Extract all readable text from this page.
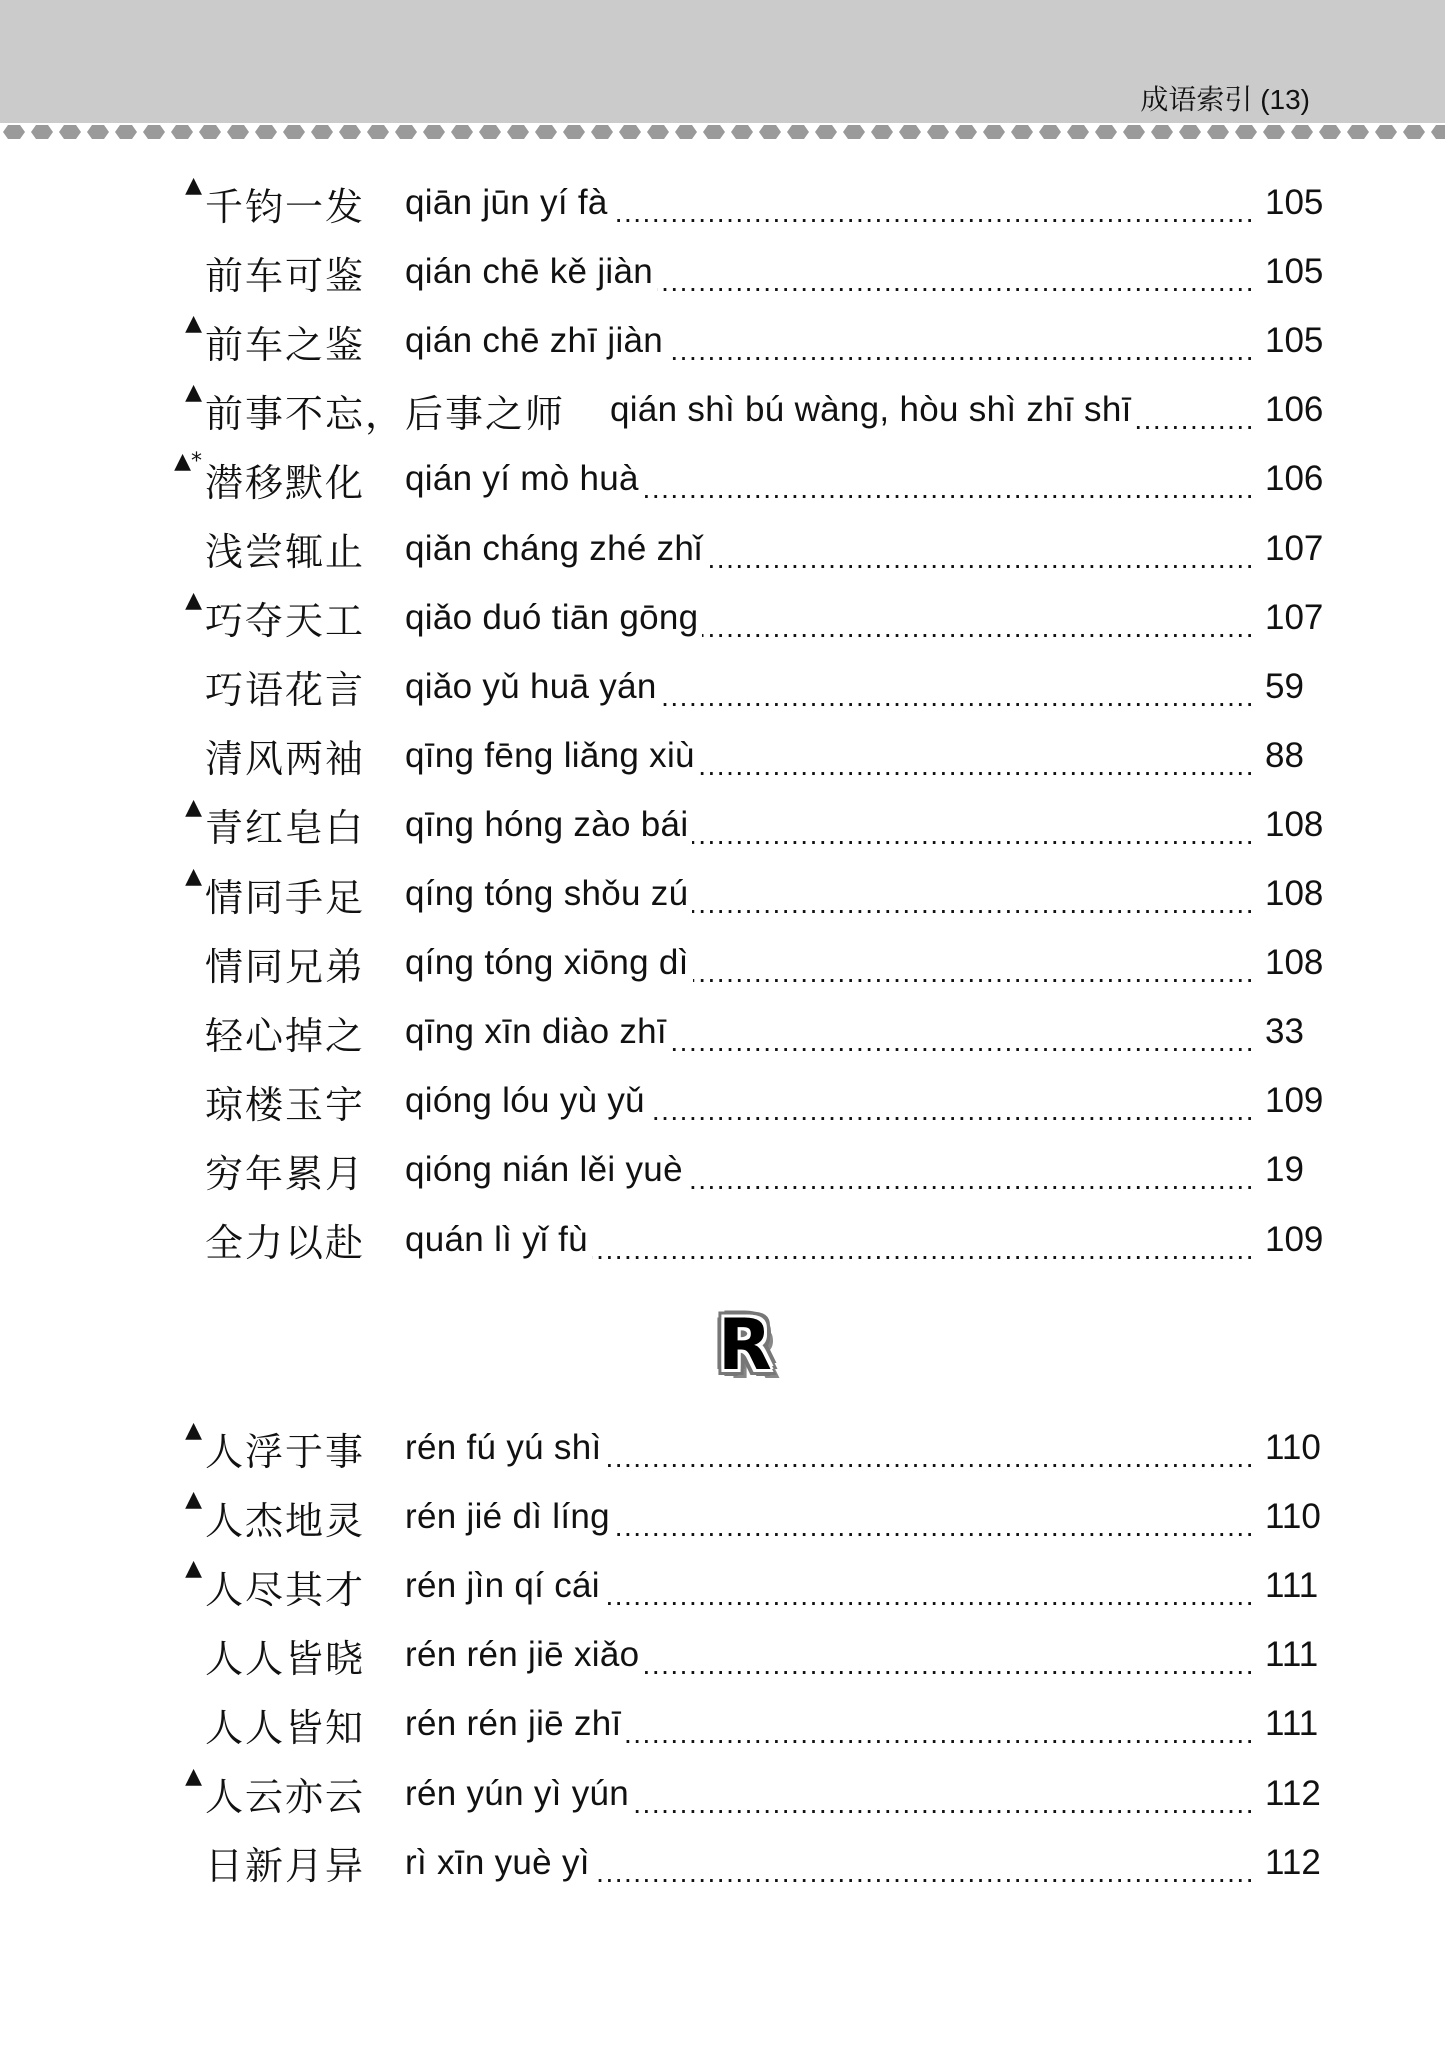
成语索引 (13)
▲ 千钧一发 qiān jūn yí fà .....	105
前车可鉴 qián chē kě jiàn .....	105
▲ 前车之鉴 qián chē zhī jiàn .....	105
▲ 前事不忘，后事之师 qián shì bú wàng, hòu shì zhī shī .....	106
▲* 潜移默化 qián yí mò huà .....	106
浅尝辄止 qiǎn cháng zhé zhǐ .....	107
▲ 巧夺天工 qiǎo duó tiān gōng .....	107
巧语花言 qiǎo yǔ huā yán .....	59
清风两袖 qīng fēng liǎng xiù .....	88
▲ 青红皂白 qīng hóng zào bái .....	108
▲ 情同手足 qíng tóng shǒu zú .....	108
情同兄弟 qíng tóng xiōng dì .....	108
轻心掉之 qīng xīn diào zhī .....	33
琼楼玉宇 qióng lóu yù yǔ .....	109
穷年累月 qióng nián lěi yuè .....	19
全力以赴 quán lì yǐ fù .....	109
R
▲ 人浮于事 rén fú yú shì .....	110
▲ 人杰地灵 rén jié dì líng .....	110
▲ 人尽其才 rén jìn qí cái .....	111
人人皆晓 rén rén jiē xiǎo .....	111
人人皆知 rén rén jiē zhī .....	111
▲ 人云亦云 rén yún yì yún .....	112
日新月异 rì xīn yuè yì .....	112
